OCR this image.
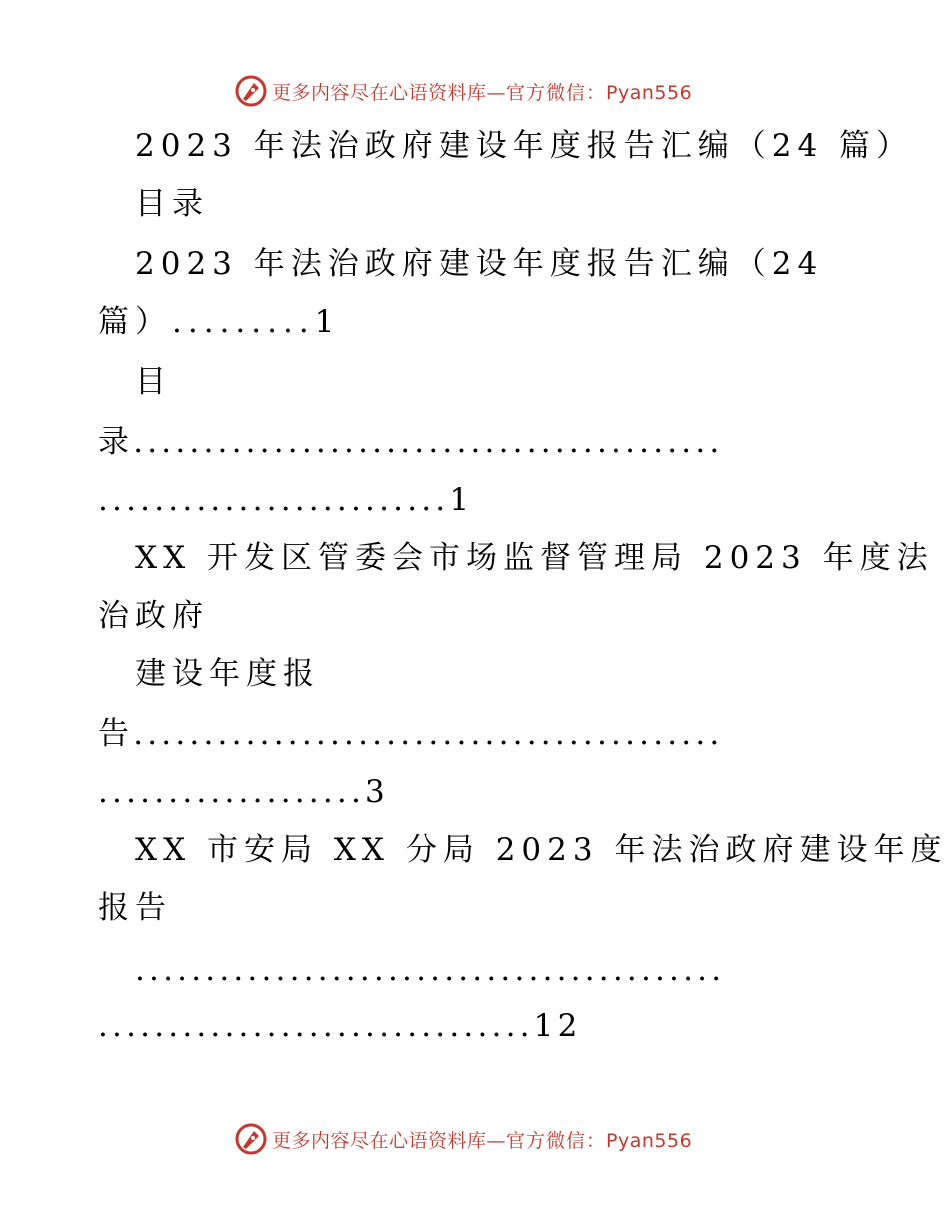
更多内容尽在心语资料库—官方微信：Pyan556
2023 年法治政府建设年度报告汇编（24 篇）
目录
2023 年法治政府建设年度报告汇编（24
篇）.........1
目
录..........................................
.........................1
XX 开发区管委会市场监督管理局 2023 年度法
治政府
建设年度报
告..........................................
...................3
XX 市安局 XX 分局 2023 年法治政府建设年度
报告
..........................................
...............................12
更多内容尽在心语资料库—官方微信：Pyan556
